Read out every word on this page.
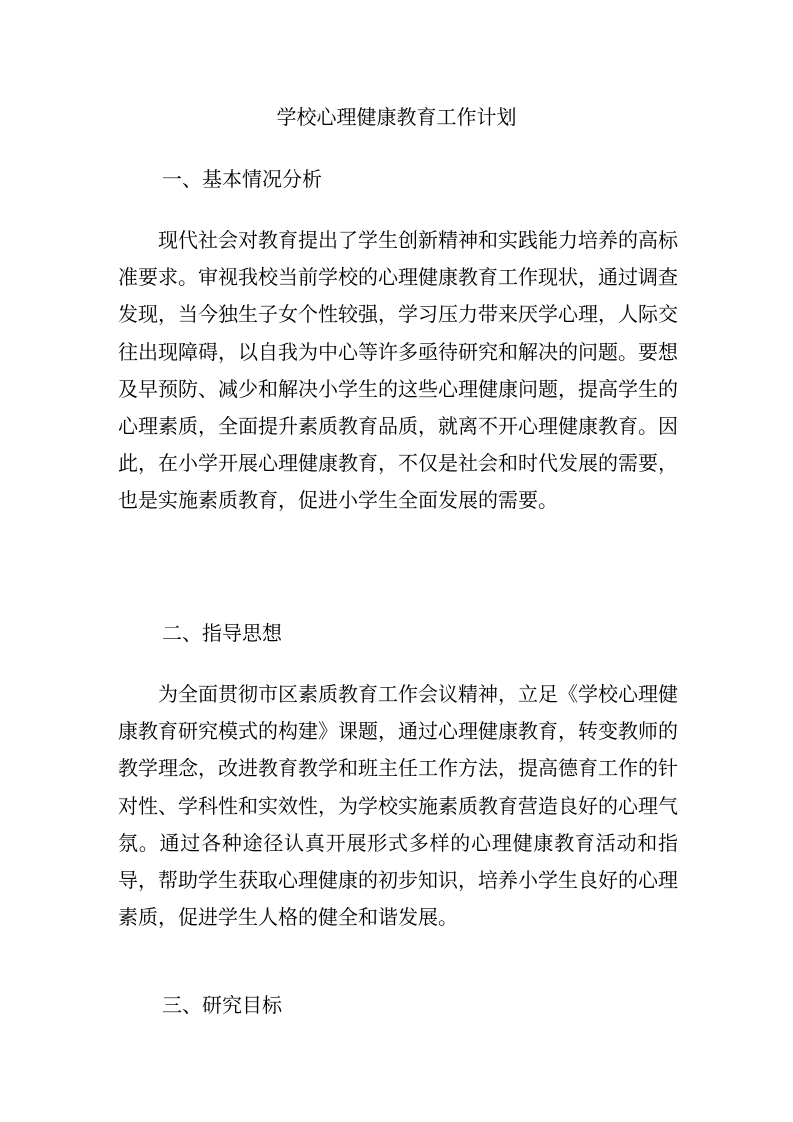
学校心理健康教育工作计划
一、基本情况分析

现代社会对教育提出了学生创新精神和实践能力培养的高标准要求。审视我校当前学校的心理健康教育工作现状，通过调查发现，当今独生子女个性较强，学习压力带来厌学心理，人际交往出现障碍，以自我为中心等许多亟待研究和解决的问题。要想及早预防、减少和解决小学生的这些心理健康问题，提高学生的心理素质，全面提升素质教育品质，就离不开心理健康教育。因此，在小学开展心理健康教育，不仅是社会和时代发展的需要，也是实施素质教育，促进小学生全面发展的需要。

二、指导思想

为全面贯彻市区素质教育工作会议精神，立足《学校心理健康教育研究模式的构建》课题，通过心理健康教育，转变教师的教学理念，改进教育教学和班主任工作方法，提高德育工作的针对性、学科性和实效性，为学校实施素质教育营造良好的心理气氛。通过各种途径认真开展形式多样的心理健康教育活动和指导，帮助学生获取心理健康的初步知识，培养小学生良好的心理素质，促进学生人格的健全和谐发展。

三、研究目标
